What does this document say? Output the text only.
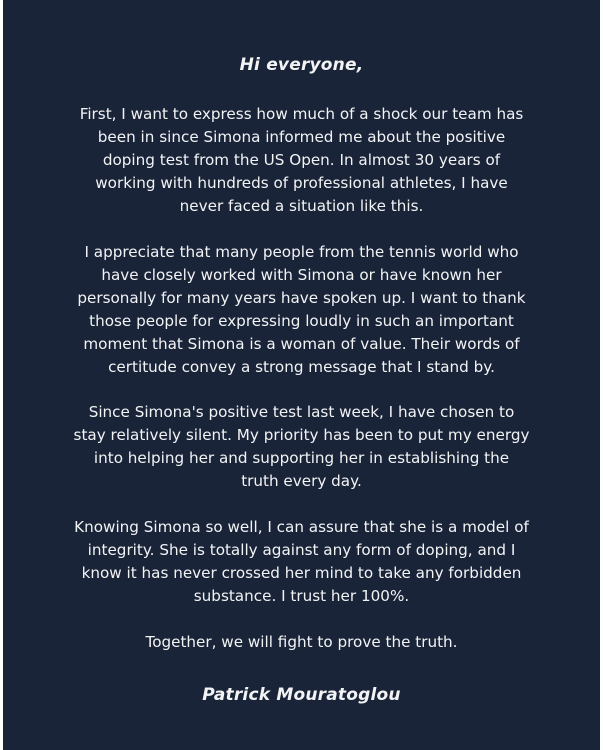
Hi everyone,
First, I want to express how much of a shock our team has
been in since Simona informed me about the positive
doping test from the US Open. In almost 30 years of
working with hundreds of professional athletes, I have
never faced a situation like this.
I appreciate that many people from the tennis world who
have closely worked with Simona or have known her
personally for many years have spoken up. I want to thank
those people for expressing loudly in such an important
moment that Simona is a woman of value. Their words of
certitude convey a strong message that I stand by.
Since Simona's positive test last week, I have chosen to
stay relatively silent. My priority has been to put my energy
into helping her and supporting her in establishing the
truth every day.
Knowing Simona so well, I can assure that she is a model of
integrity. She is totally against any form of doping, and I
know it has never crossed her mind to take any forbidden
substance. I trust her 100%.
Together, we will fight to prove the truth.
Patrick Mouratoglou
